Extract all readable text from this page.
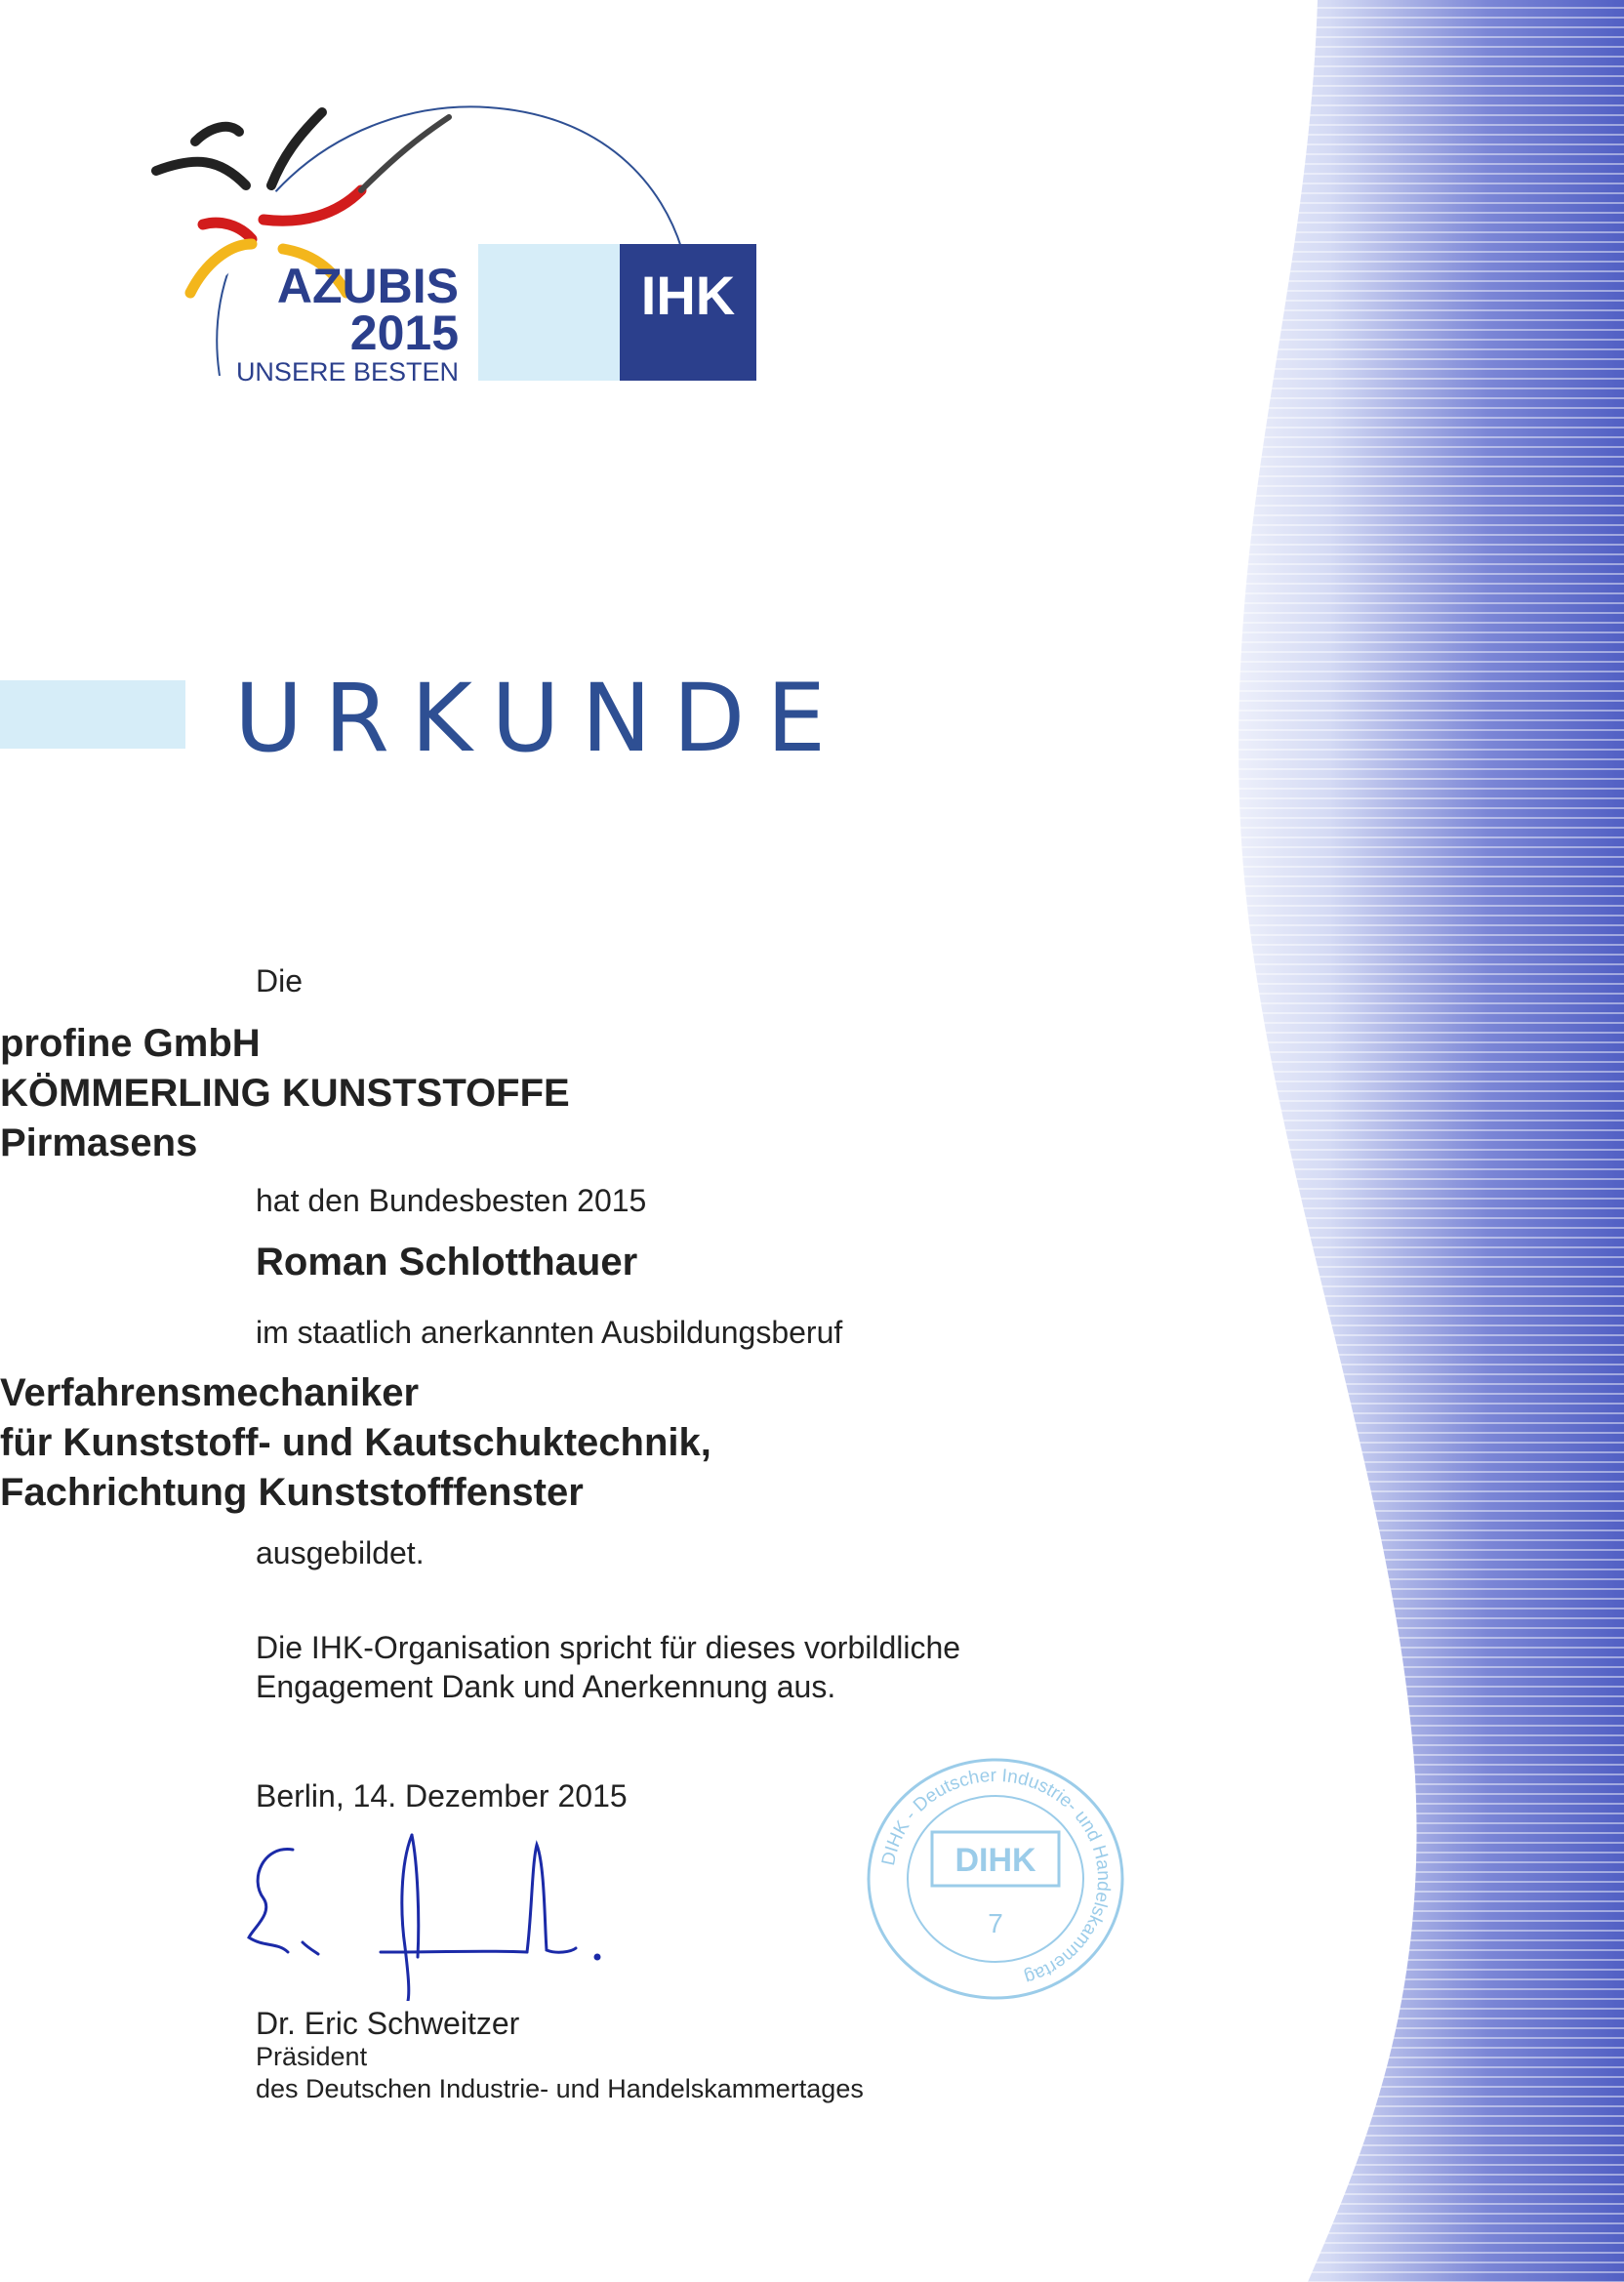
IHK
AZUBIS
2015
UNSERE BESTEN
URKUNDE
Die
profine GmbH
KÖMMERLING KUNSTSTOFFE
Pirmasens
hat den Bundesbesten 2015
Roman Schlotthauer
im staatlich anerkannten Ausbildungsberuf
Verfahrensmechaniker
für Kunststoff- und Kautschuktechnik,
Fachrichtung Kunststofffenster
ausgebildet.
Die IHK-Organisation spricht für dieses vorbildliche
Engagement Dank und Anerkennung aus.
Berlin, 14. Dezember 2015
Dr. Eric Schweitzer
Präsident
des Deutschen Industrie- und Handelskammertages
DIHK - Deutscher Industrie- und Handelskammertag
DIHK
7
